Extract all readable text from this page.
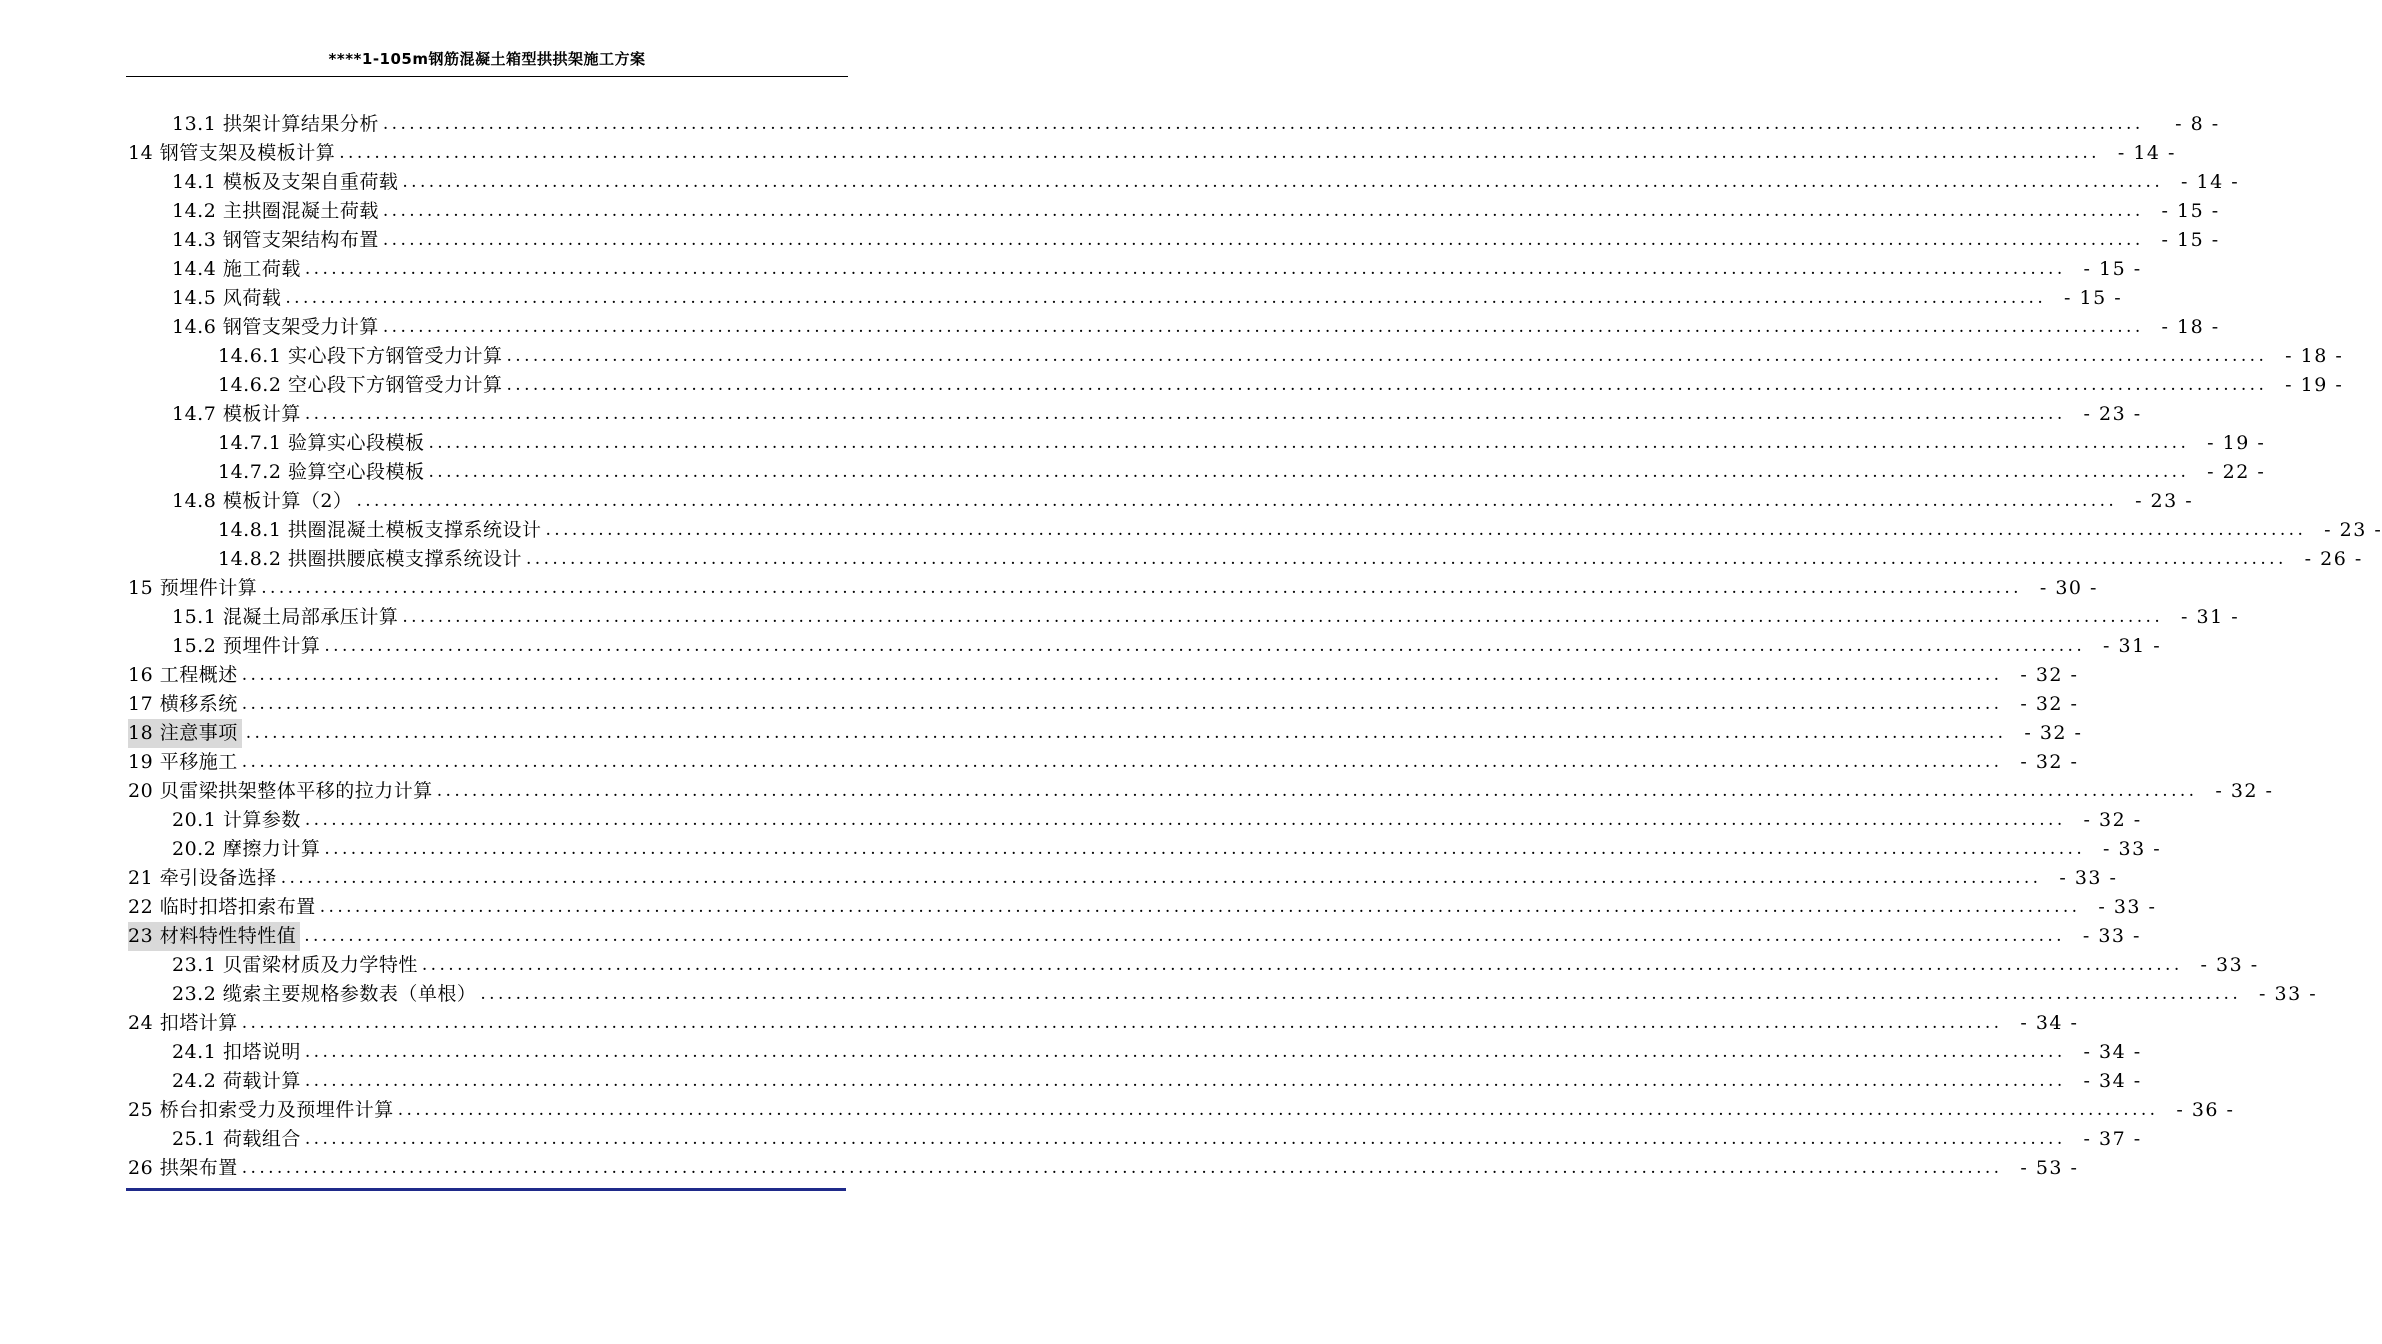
****1-105m钢筋混凝土箱型拱拱架施工方案
13.1 拱架计算结果分析 ........................................................................................................................................................................................................	- 8 -
14 钢管支架及模板计算 ........................................................................................................................................................................................................ - 14 -
14.1 模板及支架自重荷载 ........................................................................................................................................................................................................ - 14 -
14.2 主拱圈混凝土荷载 ........................................................................................................................................................................................................ - 15 -
14.3 钢管支架结构布置 ........................................................................................................................................................................................................ - 15 -
14.4 施工荷载 ........................................................................................................................................................................................................ - 15 -
14.5 风荷载 ........................................................................................................................................................................................................ - 15 -
14.6 钢管支架受力计算 ........................................................................................................................................................................................................ - 18 -
14.6.1 实心段下方钢管受力计算 ........................................................................................................................................................................................................ - 18 -
14.6.2 空心段下方钢管受力计算 ........................................................................................................................................................................................................ - 19 -
14.7 模板计算 ........................................................................................................................................................................................................ - 23 -
14.7.1 验算实心段模板 ........................................................................................................................................................................................................ - 19 -
14.7.2 验算空心段模板 ........................................................................................................................................................................................................ - 22 -
14.8 模板计算（2） ........................................................................................................................................................................................................ - 23 -
14.8.1 拱圈混凝土模板支撑系统设计 ........................................................................................................................................................................................................ - 23 -
14.8.2 拱圈拱腰底模支撑系统设计 ........................................................................................................................................................................................................ - 26 -
15 预埋件计算 ........................................................................................................................................................................................................ - 30 -
15.1 混凝土局部承压计算 ........................................................................................................................................................................................................ - 31 -
15.2 预埋件计算 ........................................................................................................................................................................................................ - 31 -
16 工程概述 ........................................................................................................................................................................................................ - 32 -
17 横移系统 ........................................................................................................................................................................................................ - 32 -
18 注意事项 ........................................................................................................................................................................................................ - 32 -
19 平移施工 ........................................................................................................................................................................................................ - 32 -
20 贝雷梁拱架整体平移的拉力计算 ........................................................................................................................................................................................................ - 32 -
20.1 计算参数 ........................................................................................................................................................................................................ - 32 -
20.2 摩擦力计算 ........................................................................................................................................................................................................ - 33 -
21 牵引设备选择 ........................................................................................................................................................................................................ - 33 -
22 临时扣塔扣索布置 ........................................................................................................................................................................................................ - 33 -
23 材料特性特性值 ........................................................................................................................................................................................................ - 33 -
23.1 贝雷梁材质及力学特性 ........................................................................................................................................................................................................ - 33 -
23.2 缆索主要规格参数表（单根） ........................................................................................................................................................................................................ - 33 -
24 扣塔计算 ........................................................................................................................................................................................................ - 34 -
24.1 扣塔说明 ........................................................................................................................................................................................................ - 34 -
24.2 荷载计算 ........................................................................................................................................................................................................ - 34 -
25 桥台扣索受力及预埋件计算 ........................................................................................................................................................................................................ - 36 -
25.1 荷载组合 ........................................................................................................................................................................................................ - 37 -
26 拱架布置 ........................................................................................................................................................................................................ - 53 -
